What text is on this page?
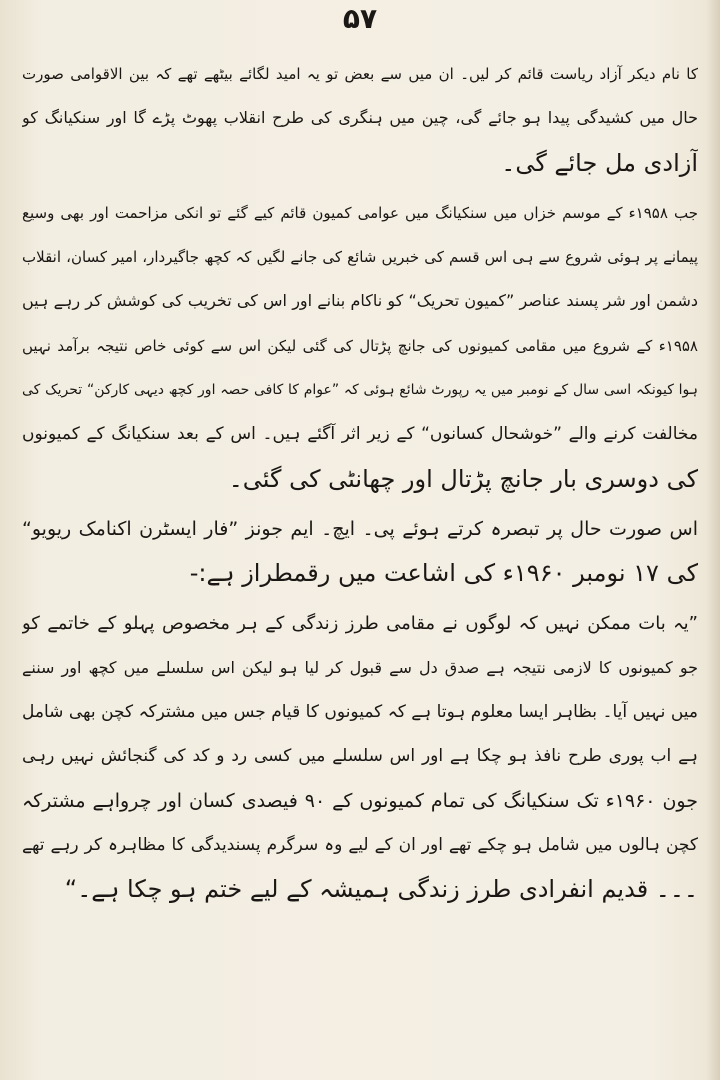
۵۷
کا نام دیکر آزاد ریاست قائم کر لیں۔ ان میں سے بعض تو یہ امید لگائے بیٹھے تھے کہ بین الاقوامی صورت
حال میں کشیدگی پیدا ہو جائے گی، چین میں ہنگری کی طرح انقلاب پھوٹ پڑے گا اور سنکیانگ کو
آزادی مل جائے گی۔
جب ۱۹۵۸ء کے موسم خزاں میں سنکیانگ میں عوامی کمیون قائم کیے گئے تو انکی مزاحمت اور بھی وسیع
پیمانے پر ہوئی شروع سے ہی اس قسم کی خبریں شائع کی جانے لگیں کہ کچھ جاگیردار، امیر کسان، انقلاب
دشمن اور شر پسند عناصر ”کمیون تحریک“ کو ناکام بنانے اور اس کی تخریب کی کوشش کر رہے ہیں
۱۹۵۸ء کے شروع میں مقامی کمیونوں کی جانچ پڑتال کی گئی لیکن اس سے کوئی خاص نتیجہ برآمد نہیں
ہوا کیونکہ اسی سال کے نومبر میں یہ رپورٹ شائع ہوئی کہ ”عوام کا کافی حصہ اور کچھ دیہی کارکن“ تحریک کی
مخالفت کرنے والے ”خوشحال کسانوں“ کے زیر اثر آگئے ہیں۔ اس کے بعد سنکیانگ کے کمیونوں
کی دوسری بار جانچ پڑتال اور چھانٹی کی گئی۔
اس صورت حال پر تبصرہ کرتے ہوئے پی۔ ایچ۔ ایم جونز ”فار ایسٹرن اکنامک ریویو“
کی ۱۷ نومبر ۱۹۶۰ء کی اشاعت میں رقمطراز ہے:-
”یہ بات ممکن نہیں کہ لوگوں نے مقامی طرز زندگی کے ہر مخصوص پہلو کے خاتمے کو
جو کمیونوں کا لازمی نتیجہ ہے صدق دل سے قبول کر لیا ہو لیکن اس سلسلے میں کچھ اور سننے
میں نہیں آیا۔ بظاہر ایسا معلوم ہوتا ہے کہ کمیونوں کا قیام جس میں مشترکہ کچن بھی شامل
ہے اب پوری طرح نافذ ہو چکا ہے اور اس سلسلے میں کسی رد و کد کی گنجائش نہیں رہی
جون ۱۹۶۰ء تک سنکیانگ کی تمام کمیونوں کے ۹۰ فیصدی کسان اور چرواہے مشترکہ
کچن ہالوں میں شامل ہو چکے تھے اور ان کے لیے وہ سرگرم پسندیدگی کا مظاہرہ کر رہے تھے
۔۔۔ قدیم انفرادی طرز زندگی ہمیشہ کے لیے ختم ہو چکا ہے۔“
